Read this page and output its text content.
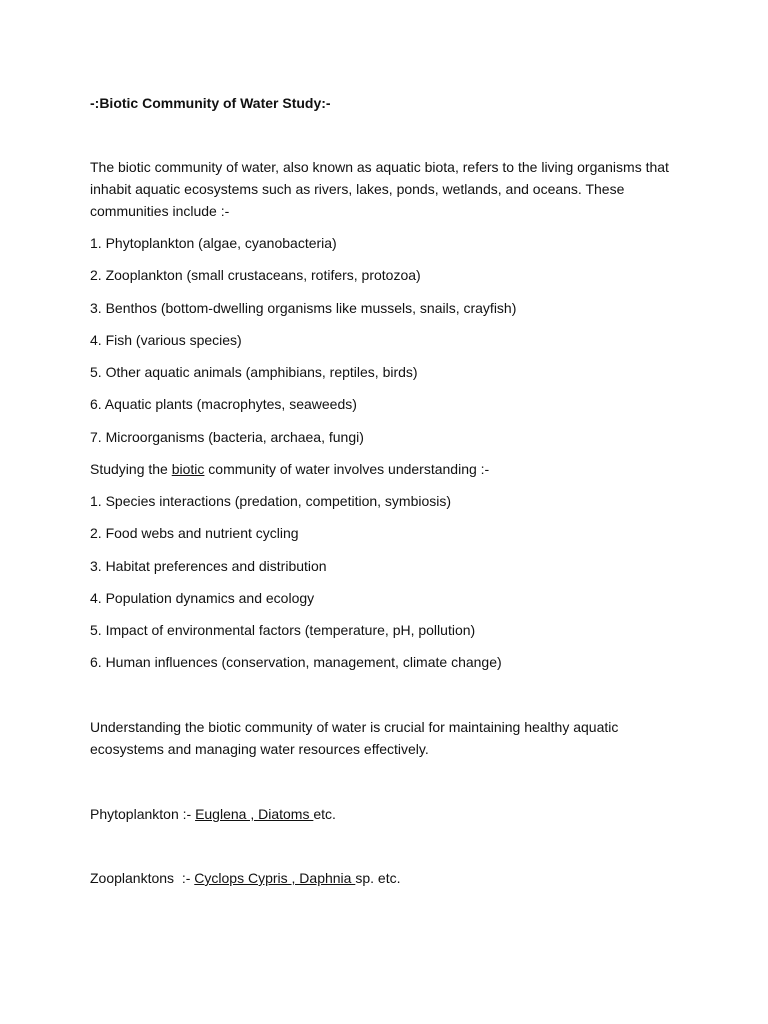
-:Biotic Community of Water Study:-

The biotic community of water, also known as aquatic biota, refers to the living organisms that inhabit aquatic ecosystems such as rivers, lakes, ponds, wetlands, and oceans. These communities include :-

1. Phytoplankton (algae, cyanobacteria)
2. Zooplankton (small crustaceans, rotifers, protozoa)
3. Benthos (bottom-dwelling organisms like mussels, snails, crayfish)
4. Fish (various species)
5. Other aquatic animals (amphibians, reptiles, birds)
6. Aquatic plants (macrophytes, seaweeds)
7. Microorganisms (bacteria, archaea, fungi)
Studying the biotic community of water involves understanding :-
1. Species interactions (predation, competition, symbiosis)
2. Food webs and nutrient cycling
3. Habitat preferences and distribution
4. Population dynamics and ecology
5. Impact of environmental factors (temperature, pH, pollution)
6. Human influences (conservation, management, climate change)

Understanding the biotic community of water is crucial for maintaining healthy aquatic ecosystems and managing water resources effectively.

Phytoplankton :- Euglena , Diatoms etc.
Zooplanktons  :- Cyclops Cypris , Daphnia sp. etc.
